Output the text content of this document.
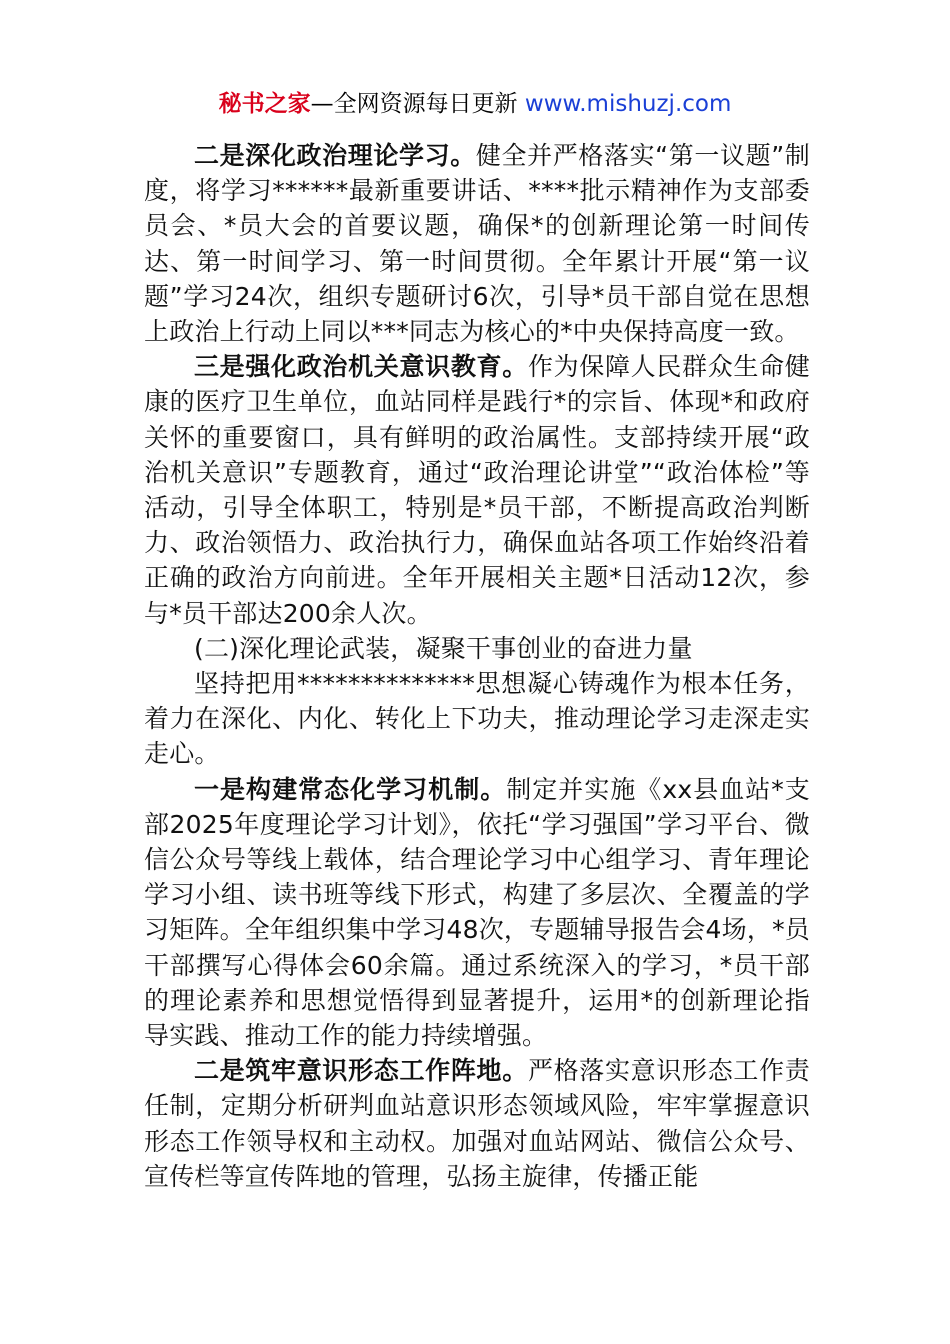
秘书之家—全网资源每日更新 www.mishuzj.com

二是深化政治理论学习。健全并严格落实“第一议题”制度，将学习******最新重要讲话、****批示精神作为支部委员会、*员大会的首要议题，确保*的创新理论第一时间传达、第一时间学习、第一时间贯彻。全年累计开展“第一议题”学习24次，组织专题研讨6次，引导*员干部自觉在思想上政治上行动上同以***同志为核心的*中央保持高度一致。

三是强化政治机关意识教育。作为保障人民群众生命健康的医疗卫生单位，血站同样是践行*的宗旨、体现*和政府关怀的重要窗口，具有鲜明的政治属性。支部持续开展“政治机关意识”专题教育，通过“政治理论讲堂”“政治体检”等活动，引导全体职工，特别是*员干部，不断提高政治判断力、政治领悟力、政治执行力，确保血站各项工作始终沿着正确的政治方向前进。全年开展相关主题*日活动12次，参与*员干部达200余人次。

(二)深化理论武装，凝聚干事创业的奋进力量

坚持把用**************思想凝心铸魂作为根本任务，着力在深化、内化、转化上下功夫，推动理论学习走深走实走心。

一是构建常态化学习机制。制定并实施《xx县血站*支部2025年度理论学习计划》，依托“学习强国”学习平台、微信公众号等线上载体，结合理论学习中心组学习、青年理论学习小组、读书班等线下形式，构建了多层次、全覆盖的学习矩阵。全年组织集中学习48次，专题辅导报告会4场，*员干部撰写心得体会60余篇。通过系统深入的学习，*员干部的理论素养和思想觉悟得到显著提升，运用*的创新理论指导实践、推动工作的能力持续增强。

二是筑牢意识形态工作阵地。严格落实意识形态工作责任制，定期分析研判血站意识形态领域风险，牢牢掌握意识形态工作领导权和主动权。加强对血站网站、微信公众号、宣传栏等宣传阵地的管理，弘扬主旋律，传播正能
